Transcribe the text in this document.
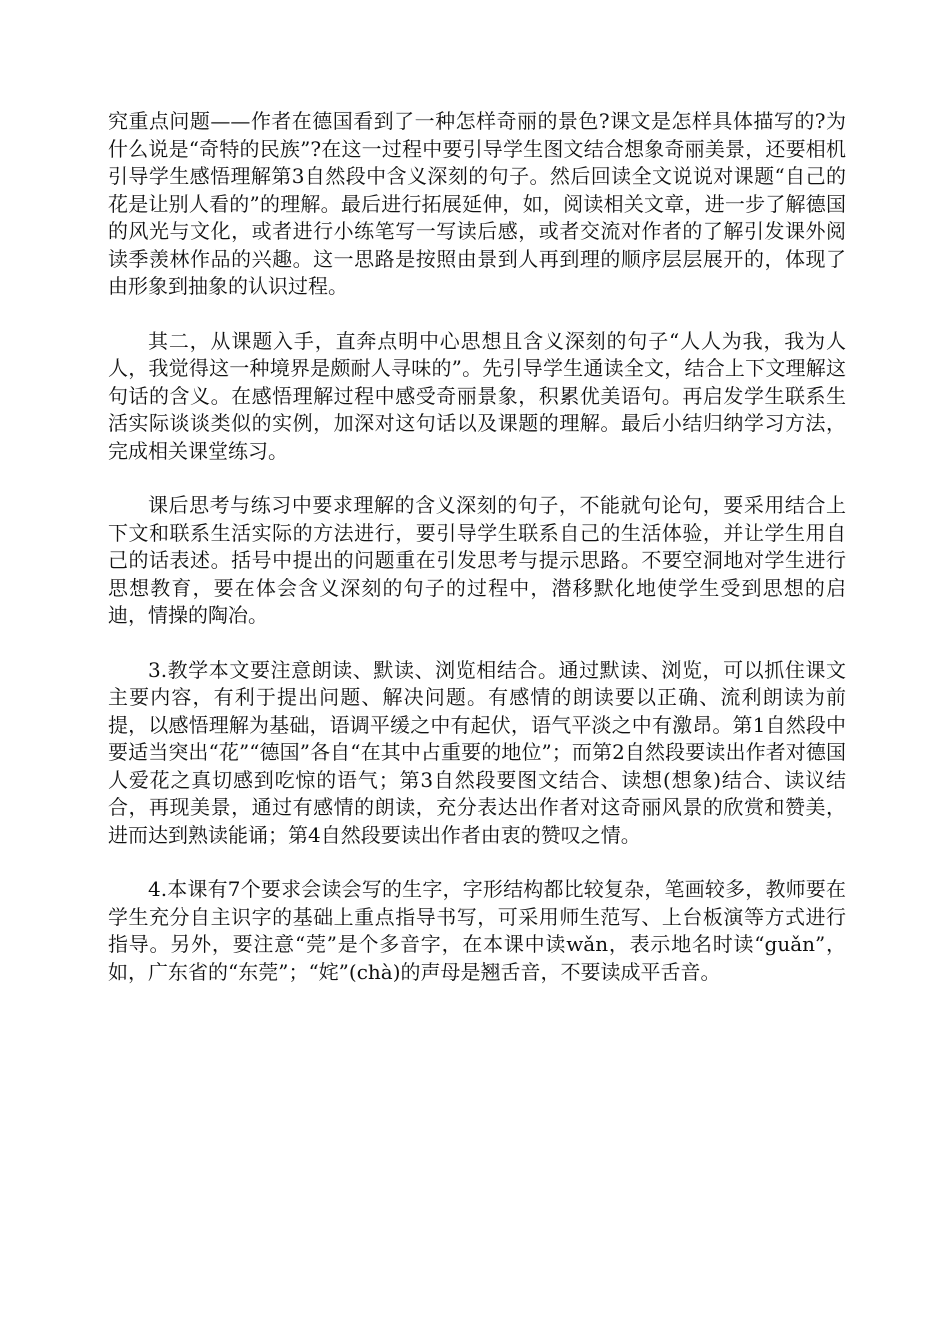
究重点问题——作者在德国看到了一种怎样奇丽的景色?课文是怎样具体描写的?为什么说是“奇特的民族”?在这一过程中要引导学生图文结合想象奇丽美景，还要相机引导学生感悟理解第3自然段中含义深刻的句子。然后回读全文说说对课题“自己的花是让别人看的”的理解。最后进行拓展延伸，如，阅读相关文章，进一步了解德国的风光与文化，或者进行小练笔写一写读后感，或者交流对作者的了解引发课外阅读季羡林作品的兴趣。这一思路是按照由景到人再到理的顺序层层展开的，体现了由形象到抽象的认识过程。

其二，从课题入手，直奔点明中心思想且含义深刻的句子“人人为我，我为人人，我觉得这一种境界是颇耐人寻味的”。先引导学生通读全文，结合上下文理解这句话的含义。在感悟理解过程中感受奇丽景象，积累优美语句。再启发学生联系生活实际谈谈类似的实例，加深对这句话以及课题的理解。最后小结归纳学习方法，完成相关课堂练习。

课后思考与练习中要求理解的含义深刻的句子，不能就句论句，要采用结合上下文和联系生活实际的方法进行，要引导学生联系自己的生活体验，并让学生用自己的话表述。括号中提出的问题重在引发思考与提示思路。不要空洞地对学生进行思想教育，要在体会含义深刻的句子的过程中，潜移默化地使学生受到思想的启迪，情操的陶冶。

3.教学本文要注意朗读、默读、浏览相结合。通过默读、浏览，可以抓住课文主要内容，有利于提出问题、解决问题。有感情的朗读要以正确、流利朗读为前提，以感悟理解为基础，语调平缓之中有起伏，语气平淡之中有激昂。第1自然段中要适当突出“花”“德国”各自“在其中占重要的地位”；而第2自然段要读出作者对德国人爱花之真切感到吃惊的语气；第3自然段要图文结合、读想(想象)结合、读议结合，再现美景，通过有感情的朗读，充分表达出作者对这奇丽风景的欣赏和赞美，进而达到熟读能诵；第4自然段要读出作者由衷的赞叹之情。

4.本课有7个要求会读会写的生字，字形结构都比较复杂，笔画较多，教师要在学生充分自主识字的基础上重点指导书写，可采用师生范写、上台板演等方式进行指导。另外，要注意“莞”是个多音字，在本课中读wǎn，表示地名时读“guǎn”，如，广东省的“东莞”；“姹”(chà)的声母是翘舌音，不要读成平舌音。
